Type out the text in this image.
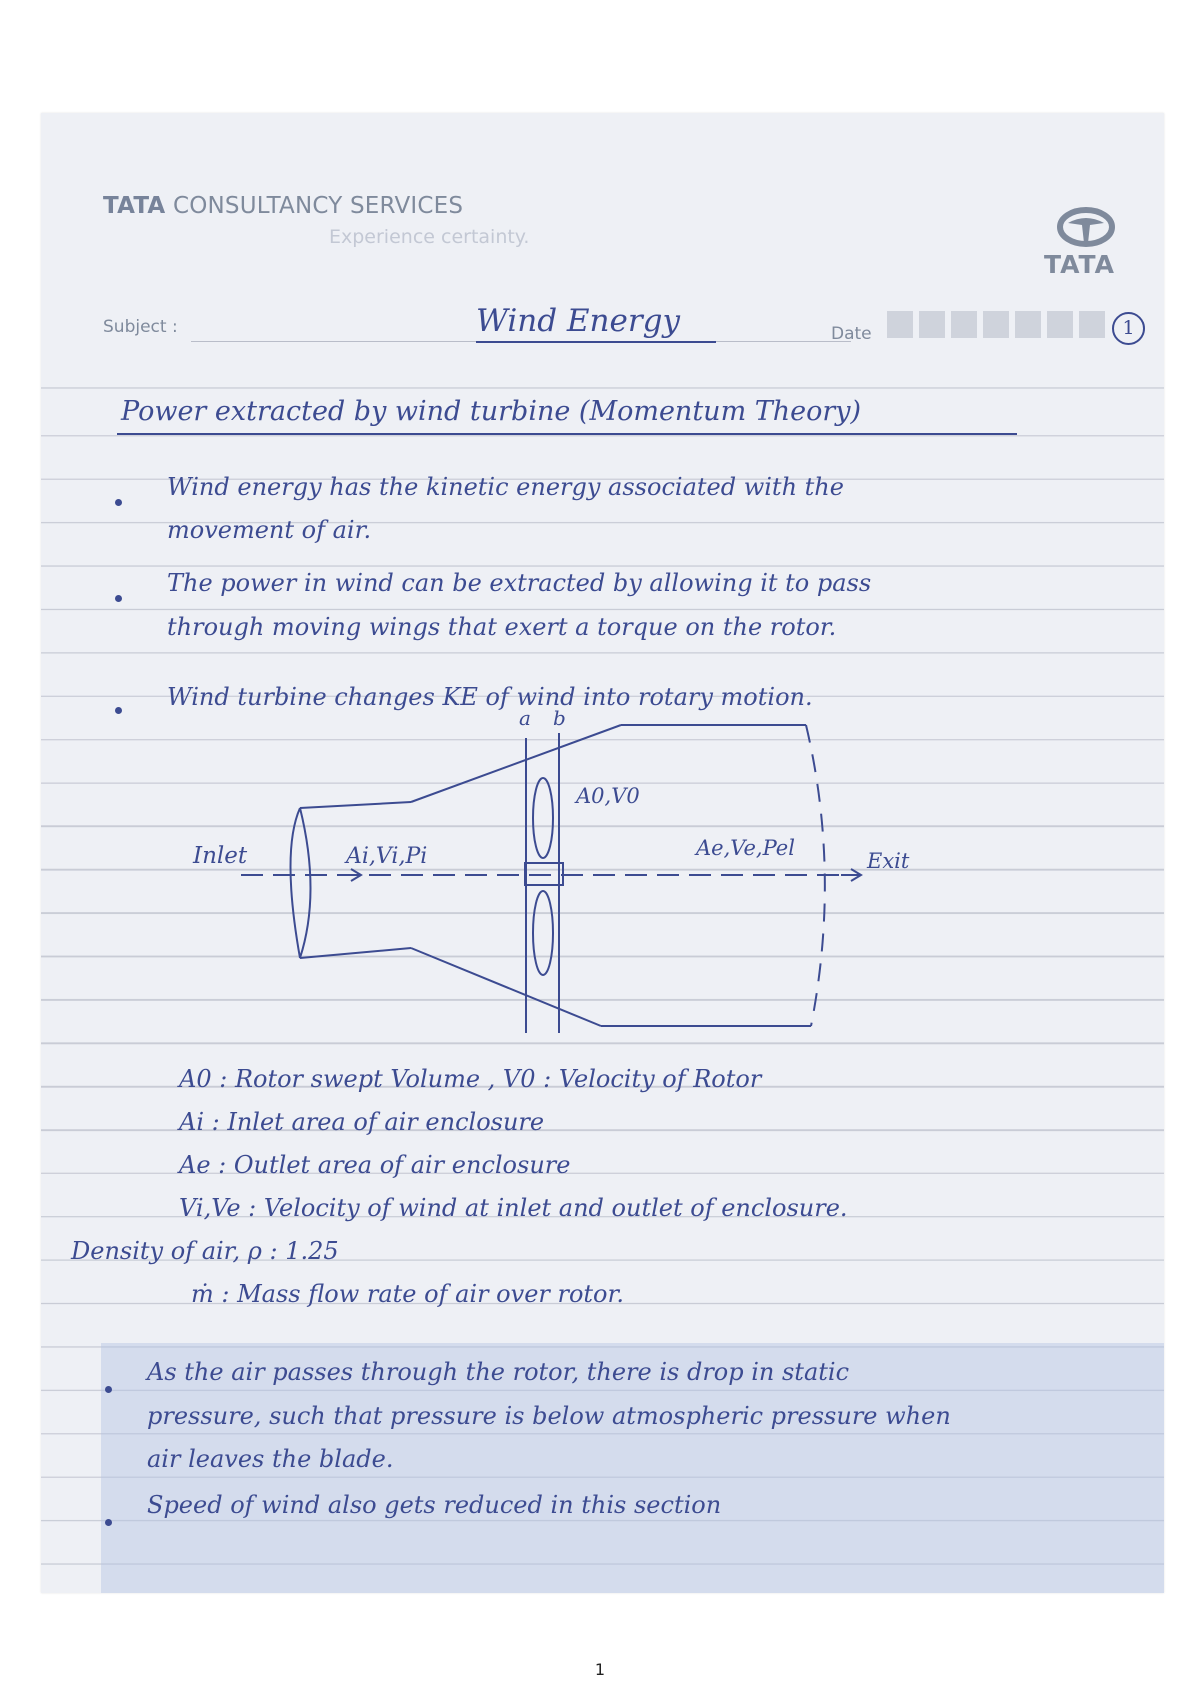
TATA CONSULTANCY SERVICES
Experience certainty.
TATA
Subject :	Wind Energy	Date	1
Power extracted by wind turbine (Momentum Theory)
Wind energy has the kinetic energy associated with the
movement of air.
The power in wind can be extracted by allowing it to pass
through moving wings that exert a torque on the rotor.
Wind turbine changes KE of wind into rotary motion.
a b
A0,V0
Inlet	Ai,Vi,Pi	Ae,Ve,Pel
Exit
A0 : Rotor swept Volume , V0 : Velocity of Rotor
Ai : Inlet area of air enclosure
Ae : Outlet area of air enclosure
Vi,Ve : Velocity of wind at inlet and outlet of enclosure.
Density of air, ρ : 1.25
ṁ : Mass flow rate of air over rotor.
As the air passes through the rotor, there is drop in static
pressure, such that pressure is below atmospheric pressure when
air leaves the blade.
Speed of wind also gets reduced in this section
1
